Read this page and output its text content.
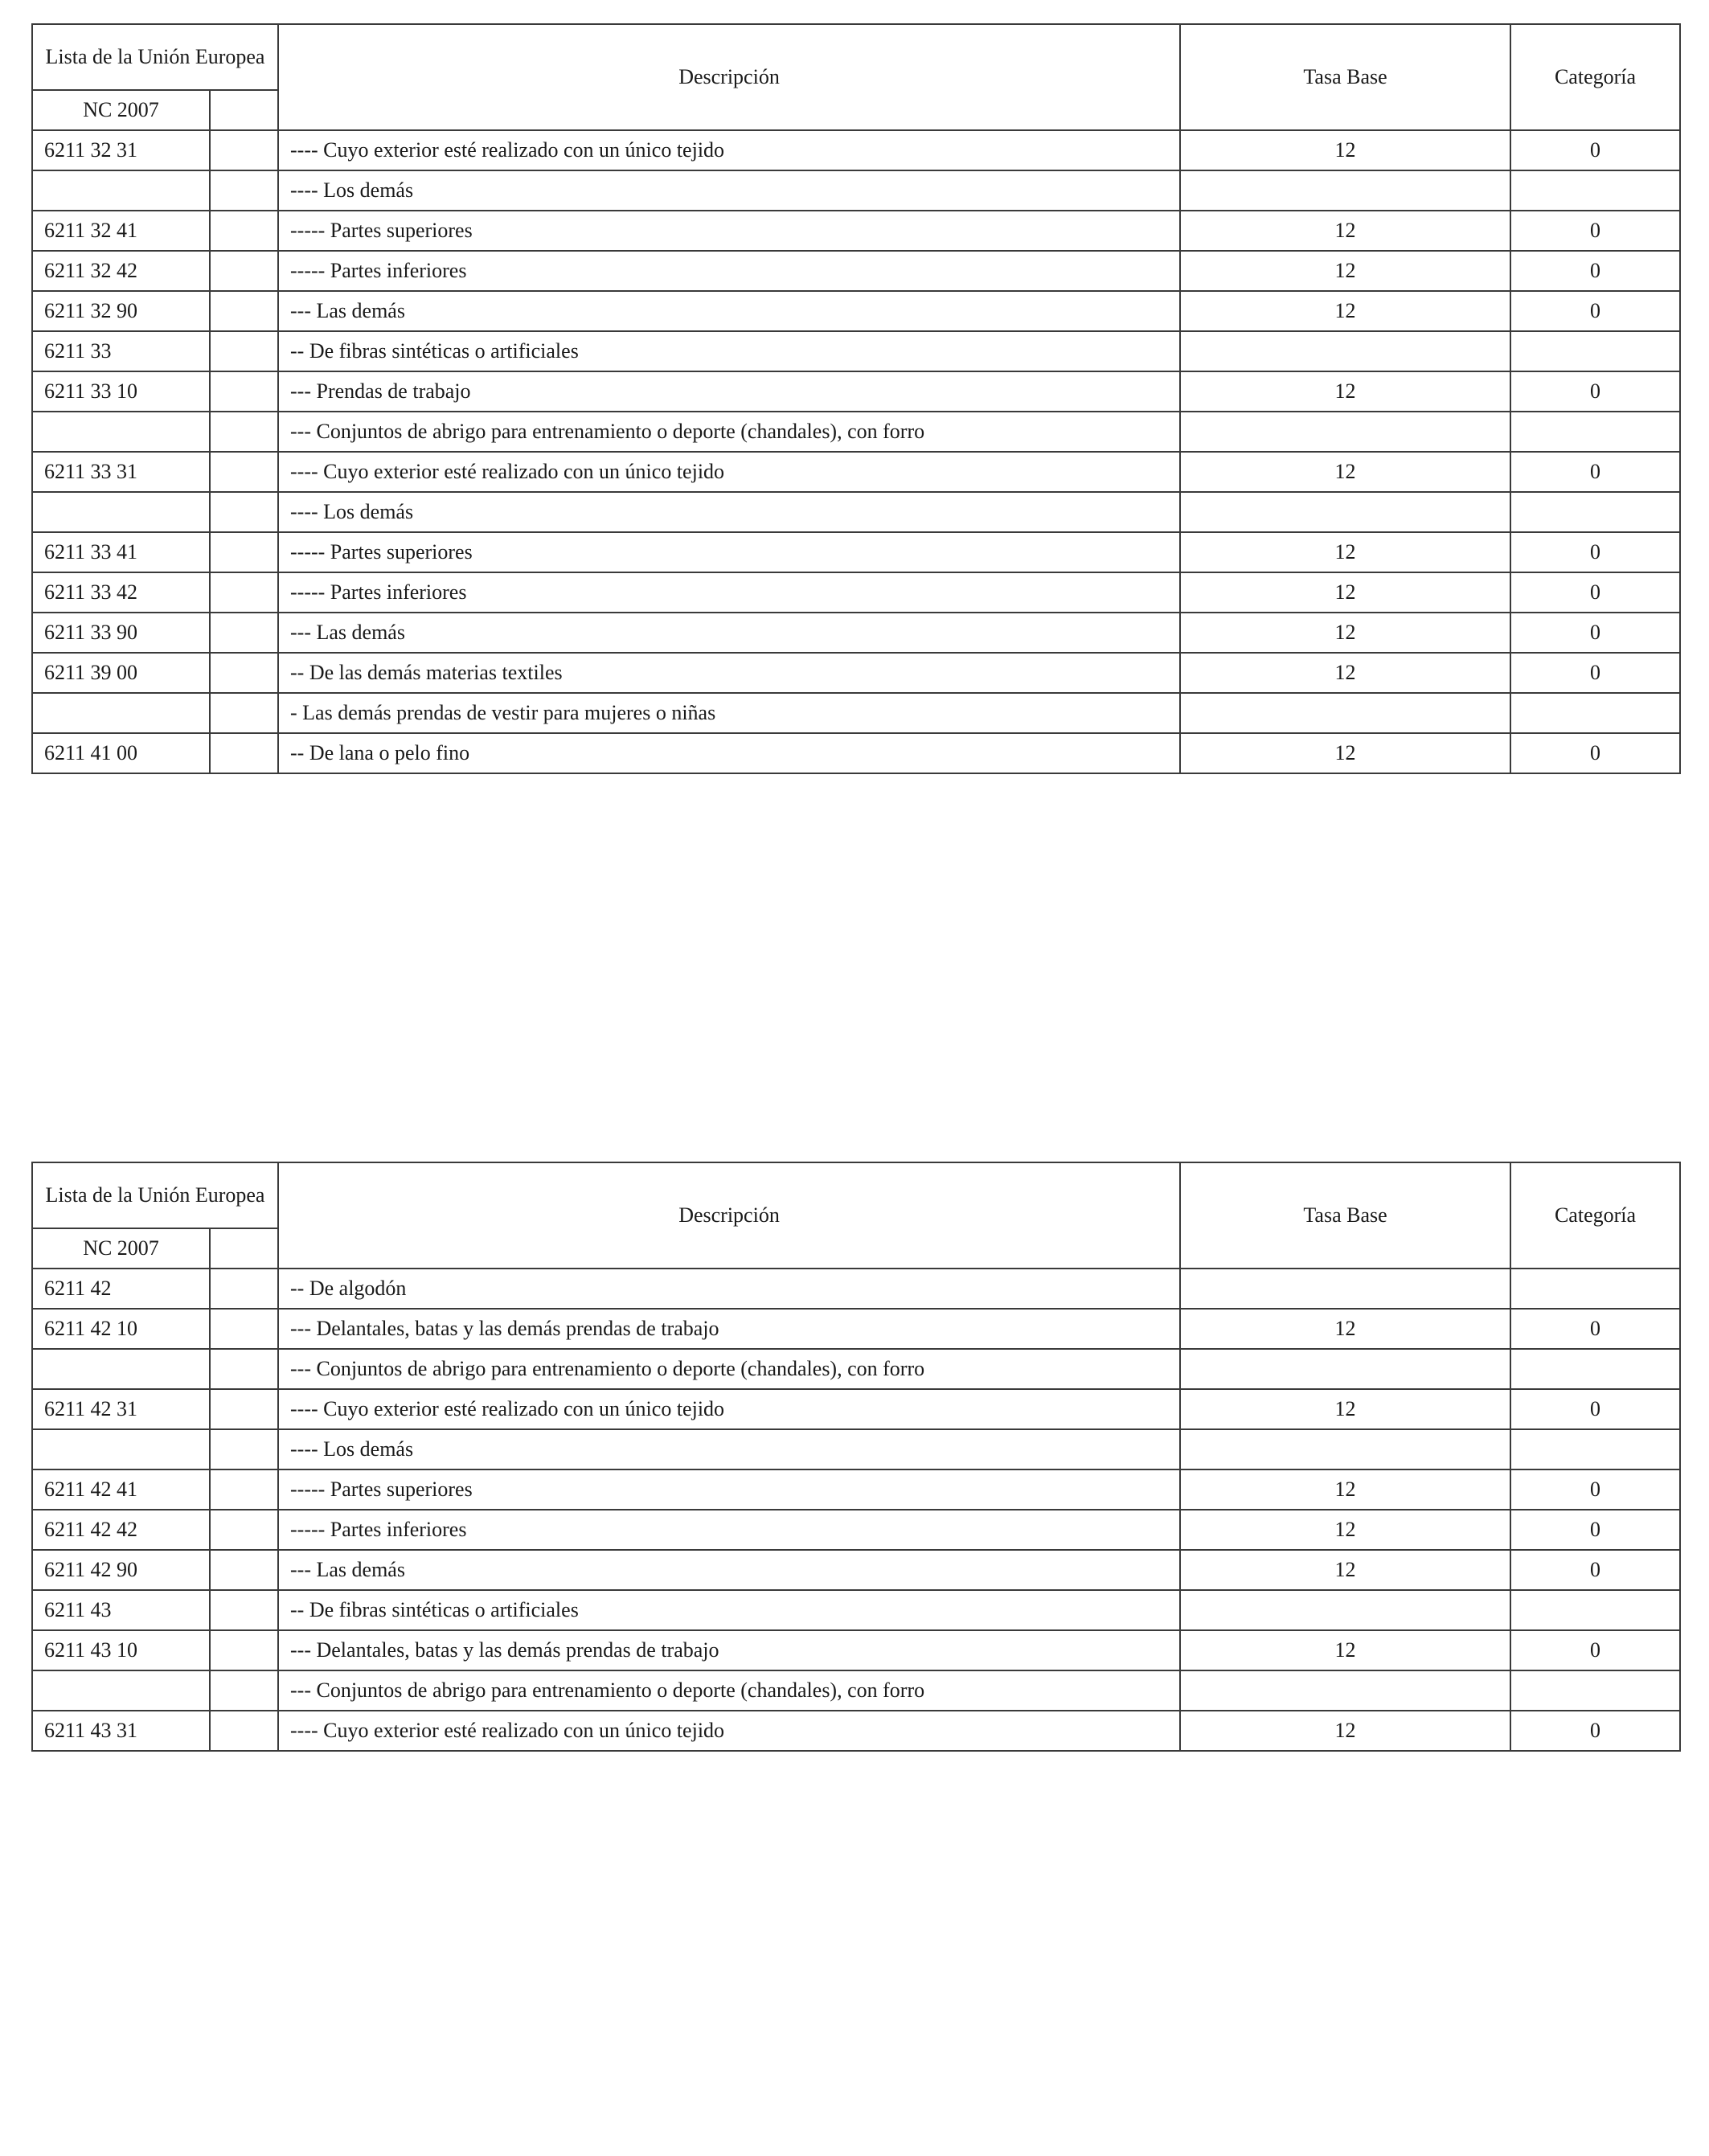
Lista de la Unión Europea		Descripción	Tasa Base	Categoría
NC 2007				
6211 32 31		---- Cuyo exterior esté realizado con un único tejido	12	0
		---- Los demás		
6211 32 41		----- Partes superiores	12	0
6211 32 42		----- Partes inferiores	12	0
6211 32 90		--- Las demás	12	0
6211 33		-- De fibras sintéticas o artificiales		
6211 33 10		--- Prendas de trabajo	12	0
		--- Conjuntos de abrigo para entrenamiento o deporte (chandales), con forro		
6211 33 31		---- Cuyo exterior esté realizado con un único tejido	12	0
		---- Los demás		
6211 33 41		----- Partes superiores	12	0
6211 33 42		----- Partes inferiores	12	0
6211 33 90		--- Las demás	12	0
6211 39 00		-- De las demás materias textiles	12	0
		- Las demás prendas de vestir para mujeres o niñas		
6211 41 00		-- De lana o pelo fino	12	0
Lista de la Unión Europea		Descripción	Tasa Base	Categoría
NC 2007				
6211 42		-- De algodón		
6211 42 10		--- Delantales, batas y las demás prendas de trabajo	12	0
		--- Conjuntos de abrigo para entrenamiento o deporte (chandales), con forro		
6211 42 31		---- Cuyo exterior esté realizado con un único tejido	12	0
		---- Los demás		
6211 42 41		----- Partes superiores	12	0
6211 42 42		----- Partes inferiores	12	0
6211 42 90		--- Las demás	12	0
6211 43		-- De fibras sintéticas o artificiales		
6211 43 10		--- Delantales, batas y las demás prendas de trabajo	12	0
		--- Conjuntos de abrigo para entrenamiento o deporte (chandales), con forro		
6211 43 31		---- Cuyo exterior esté realizado con un único tejido	12	0
